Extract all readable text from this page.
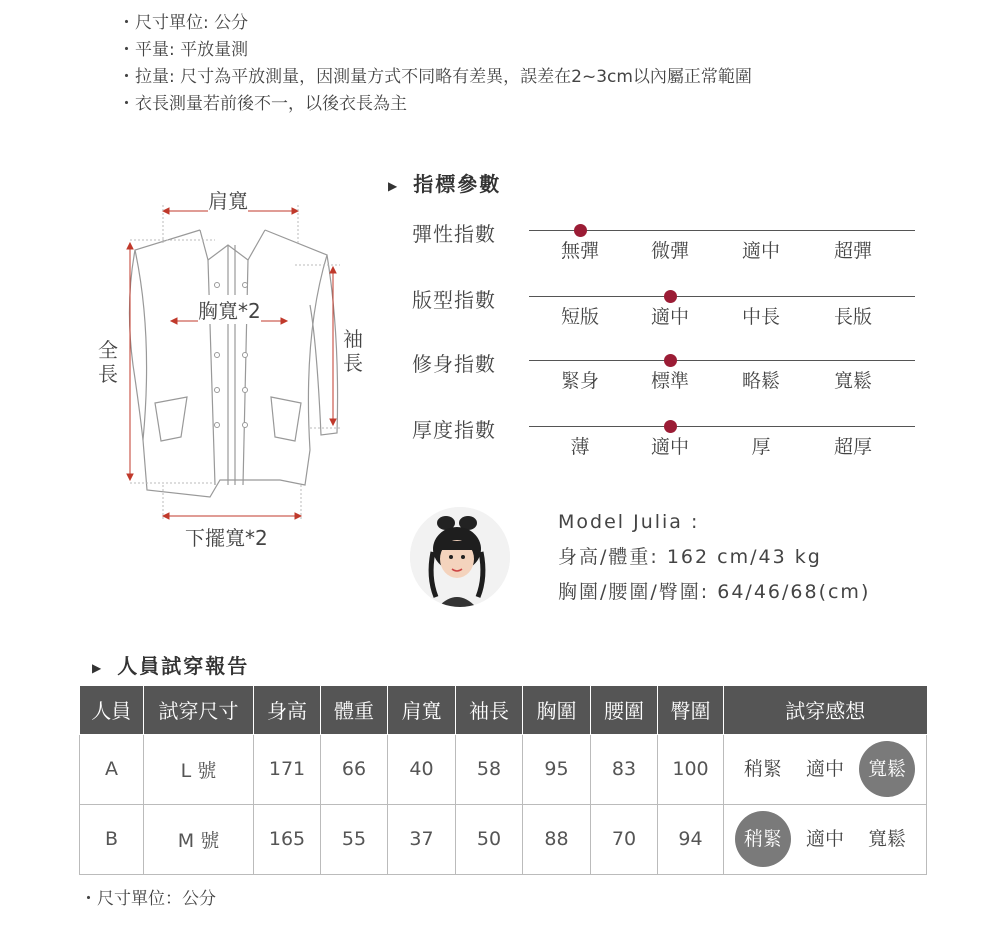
・ 尺寸單位: 公分
・ 平量: 平放量測
・ 拉量: 尺寸為平放測量，因測量方式不同略有差異，誤差在2~3cm以內屬正常範圍
・ 衣長測量若前後不一，以後衣長為主
肩寬
胸寬*2
袖長
全長
下擺寬*2
▶ 指標參數
彈性指數
無彈	微彈	適中	超彈
版型指數
短版	適中	中長	長版
修身指數
緊身	標準	略鬆	寬鬆
厚度指數
薄	適中	厚	超厚
Model Julia :
身高/體重: 162 cm/43 kg
胸圍/腰圍/臀圍: 64/46/68(cm)
▶ 人員試穿報告
人員	試穿尺寸	身高	體重	肩寬	袖長	胸圍	腰圍	臀圍	試穿感想
A	L 號	171	66	40	58	95	83	100	稍緊 適中 寬鬆
B	M 號	165	55	37	50	88	70	94	稍緊 適中 寬鬆
・尺寸單位：公分
